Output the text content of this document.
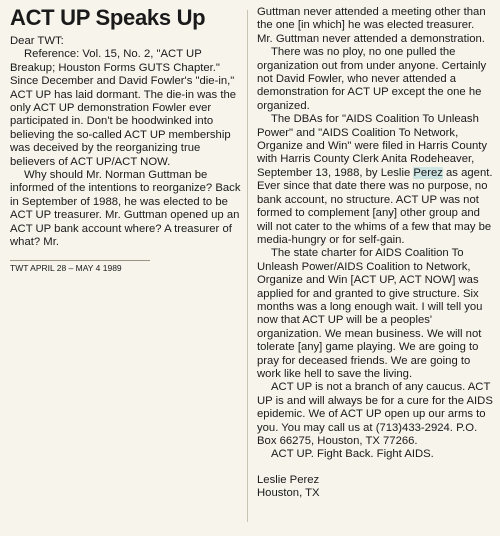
ACT UP Speaks Up

Dear TWT:

Reference: Vol. 15, No. 2, "ACT UP Breakup; Houston Forms GUTS Chapter." Since December and David Fowler's "die-in," ACT UP has laid dormant. The die-in was the only ACT UP demonstration Fowler ever participated in. Don't be hoodwinked into believing the so-called ACT UP membership was deceived by the reorganizing true believers of ACT UP/ACT NOW.

Why should Mr. Norman Guttman be informed of the intentions to reorganize? Back in September of 1988, he was elected to be ACT UP treasurer. Mr. Guttman opened up an ACT UP bank account where? A treasurer of what? Mr.

TWT APRIL 28 – MAY 4 1989

Guttman never attended a meeting other than the one [in which] he was elected treasurer. Mr. Guttman never attended a demonstration.

There was no ploy, no one pulled the organization out from under anyone. Certainly not David Fowler, who never attended a demonstration for ACT UP except the one he organized.

The DBAs for "AIDS Coalition To Unleash Power" and "AIDS Coalition To Network, Organize and Win" were filed in Harris County with Harris County Clerk Anita Rodeheaver, September 13, 1988, by Leslie Perez as agent. Ever since that date there was no purpose, no bank account, no structure. ACT UP was not formed to complement [any] other group and will not cater to the whims of a few that may be media-hungry or for self-gain.

The state charter for AIDS Coalition To Unleash Power/AIDS Coalition to Network, Organize and Win [ACT UP, ACT NOW] was applied for and granted to give structure. Six months was a long enough wait. I will tell you now that ACT UP will be a peoples' organization. We mean business. We will not tolerate [any] game playing. We are going to pray for deceased friends. We are going to work like hell to save the living.

ACT UP is not a branch of any caucus. ACT UP is and will always be for a cure for the AIDS epidemic. We of ACT UP open up our arms to you. You may call us at (713)433-2924. P.O. Box 66275, Houston, TX 77266.

ACT UP. Fight Back. Fight AIDS.

Leslie Perez

Houston, TX
